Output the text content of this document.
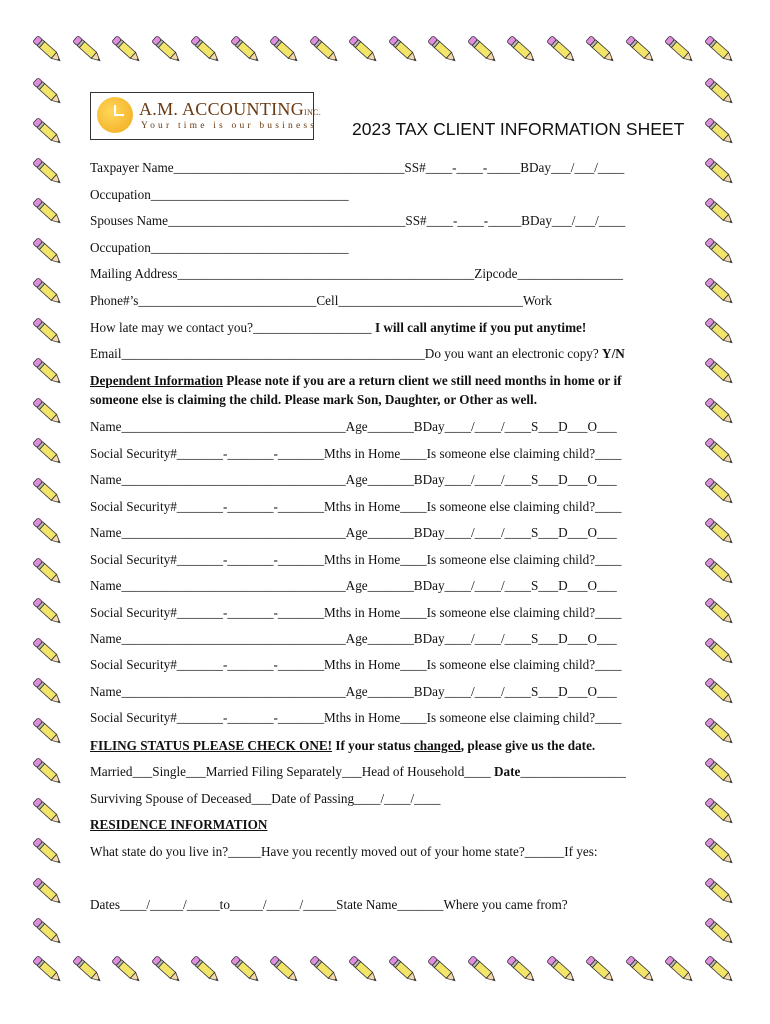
A.M. ACCOUNTINGINC.
Your time is our business 2023 TAX CLIENT INFORMATION SHEET
Taxpayer Name___________________________________SS#____-____-_____BDay___/___/____
Occupation______________________________
Spouses Name____________________________________SS#____-____-_____BDay___/___/____
Occupation______________________________
Mailing Address_____________________________________________Zipcode________________
Phone#’s___________________________Cell____________________________Work
How late may we contact you?__________________ I will call anytime if you put anytime!
Email______________________________________________Do you want an electronic copy? Y/N
Dependent Information Please note if you are a return client we still need months in home or if
someone else is claiming the child. Please mark Son, Daughter, or Other as well.
Name__________________________________Age_______BDay____/____/____S___D___O___
Social Security#_______-_______-_______Mths in Home____Is someone else claiming child?____
Name__________________________________Age_______BDay____/____/____S___D___O___
Social Security#_______-_______-_______Mths in Home____Is someone else claiming child?____
Name__________________________________Age_______BDay____/____/____S___D___O___
Social Security#_______-_______-_______Mths in Home____Is someone else claiming child?____
Name__________________________________Age_______BDay____/____/____S___D___O___
Social Security#_______-_______-_______Mths in Home____Is someone else claiming child?____
Name__________________________________Age_______BDay____/____/____S___D___O___
Social Security#_______-_______-_______Mths in Home____Is someone else claiming child?____
Name__________________________________Age_______BDay____/____/____S___D___O___
Social Security#_______-_______-_______Mths in Home____Is someone else claiming child?____
FILING STATUS PLEASE CHECK ONE! If your status changed, please give us the date.
Married___Single___Married Filing Separately___Head of Household____ Date________________
Surviving Spouse of Deceased___Date of Passing____/____/____
RESIDENCE INFORMATION
What state do you live in?_____Have you recently moved out of your home state?______If yes:
Dates____/_____/_____to_____/_____/_____State Name_______Where you came from?
